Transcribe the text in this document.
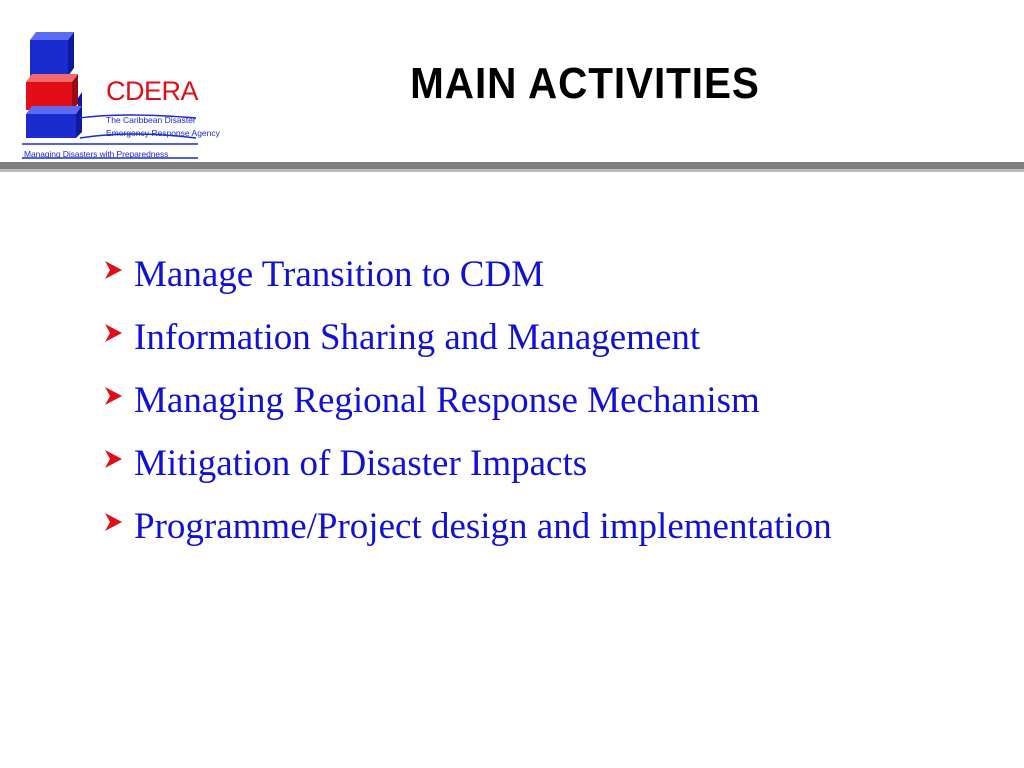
CDERA
The Caribbean Disaster
Emergency Response Agency
Managing Disasters with Preparedness
MAIN ACTIVITIES
Manage Transition to CDM
Information Sharing and Management
Managing Regional Response Mechanism
Mitigation of Disaster Impacts
Programme/Project design and implementation
